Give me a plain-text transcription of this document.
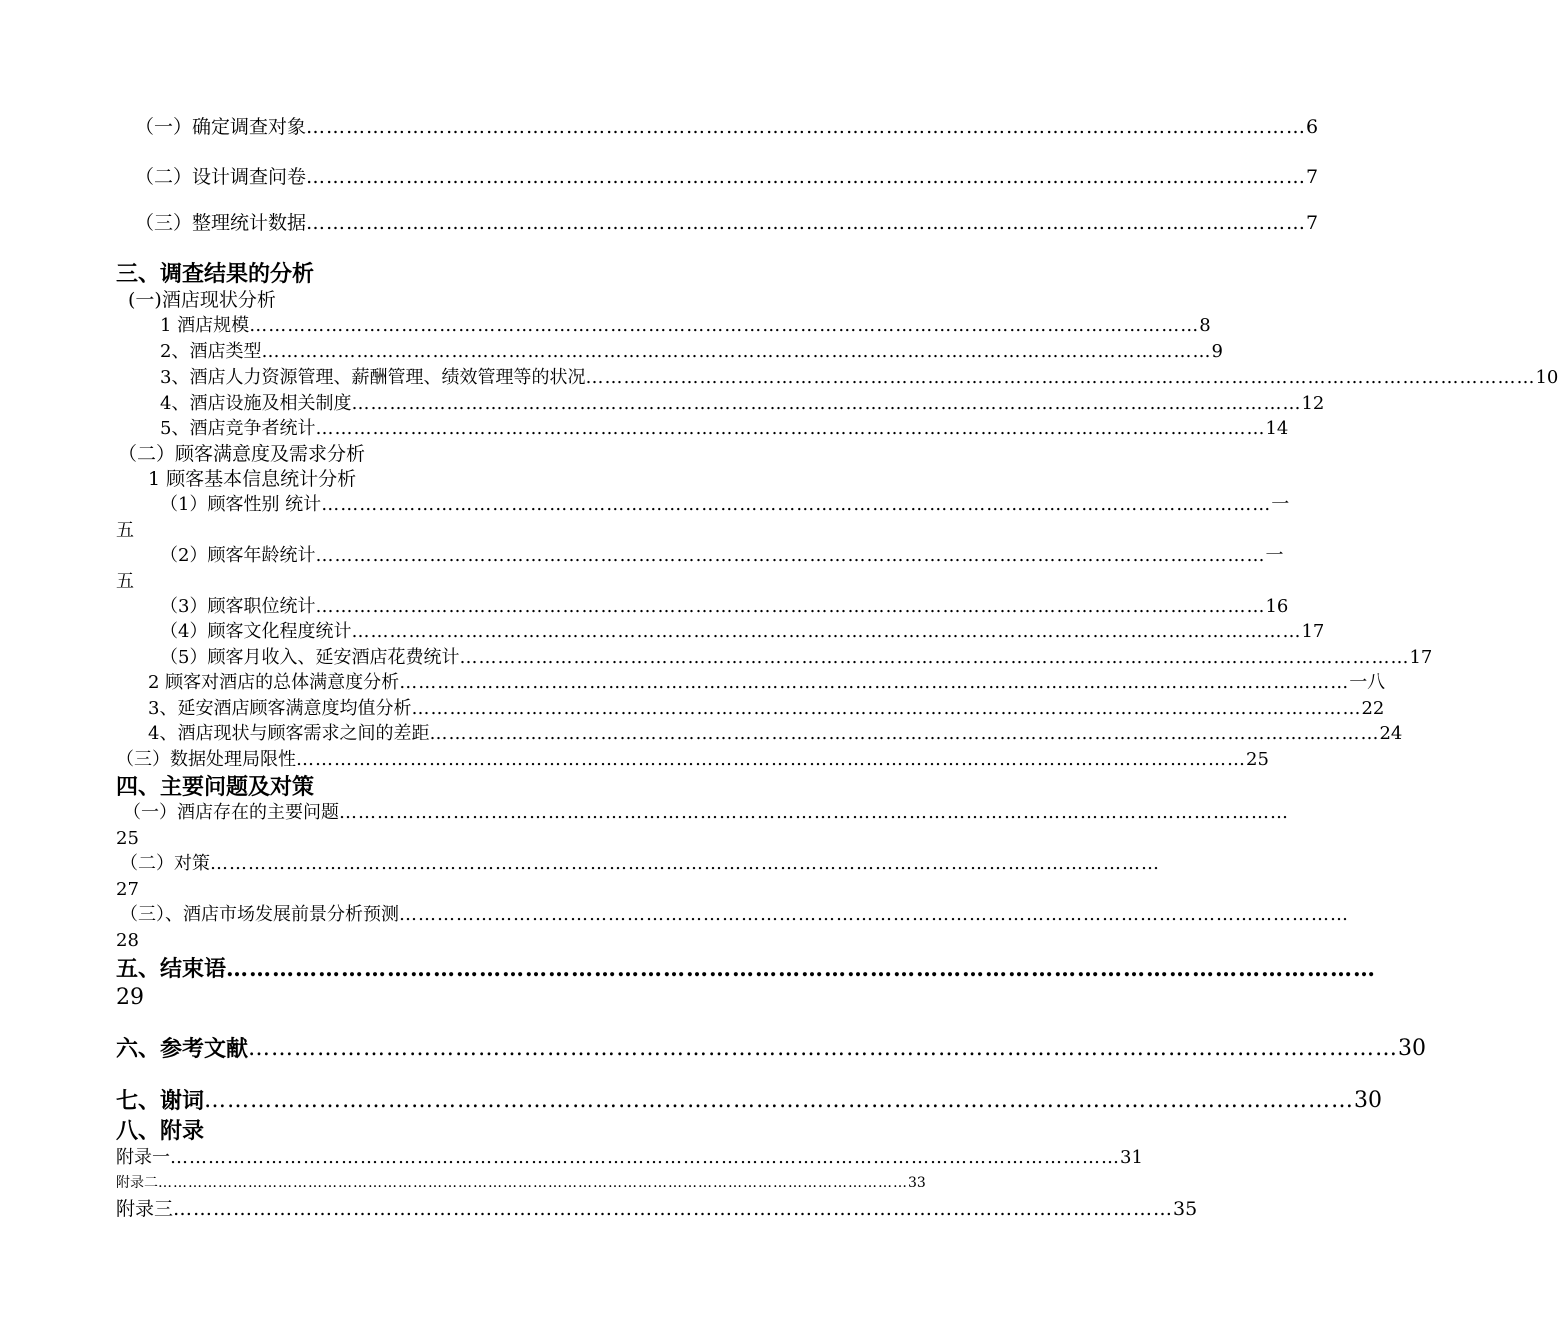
（一）确定调查对象 …………………………………………………………………………………………………………………………………… 6
（二）设计调查问卷 …………………………………………………………………………………………………………………………………… 7
（三）整理统计数据 …………………………………………………………………………………………………………………………………… 7
三、调查结果的分析
(一)酒店现状分析
1 酒店规模 …………………………………………………………………………………………………………………………………… 8
2、酒店类型 …………………………………………………………………………………………………………………………………… 9
3、酒店人力资源管理、薪酬管理、绩效管理等的状况 …………………………………………………………………………………………………………………………………… 10
4、酒店设施及相关制度 …………………………………………………………………………………………………………………………………… 12
5、酒店竞争者统计 …………………………………………………………………………………………………………………………………… 14
（二）顾客满意度及需求分析
1 顾客基本信息统计分析
（1）顾客性别 统计 …………………………………………………………………………………………………………………………………… 一
五
（2）顾客年龄统计 …………………………………………………………………………………………………………………………………… 一
五
（3）顾客职位统计 …………………………………………………………………………………………………………………………………… 16
（4）顾客文化程度统计 …………………………………………………………………………………………………………………………………… 17
（5）顾客月收入、延安酒店花费统计 …………………………………………………………………………………………………………………………………… 17
2 顾客对酒店的总体满意度分析 …………………………………………………………………………………………………………………………………… 一八
3、延安酒店顾客满意度均值分析 …………………………………………………………………………………………………………………………………… 22
4、酒店现状与顾客需求之间的差距 …………………………………………………………………………………………………………………………………… 24
（三）数据处理局限性 …………………………………………………………………………………………………………………………………… 25
四、主要问题及对策
（一）酒店存在的主要问题 ……………………………………………………………………………………………………………………………………
25
（二）对策 ……………………………………………………………………………………………………………………………………
27
（三）、酒店市场发展前景分析预测 ……………………………………………………………………………………………………………………………………
28
五、结束语 ……………………………………………………………………………………………………………………………………
29
六、参考文献 …………………………………………………………………………………………………………………………………… 30
七、谢词 …………………………………………………………………………………………………………………………………… 30
八、附录
附录一 …………………………………………………………………………………………………………………………………… 31
附录二 …………………………………………………………………………………………………………………………………… 33
附录三 …………………………………………………………………………………………………………………………………… 35
